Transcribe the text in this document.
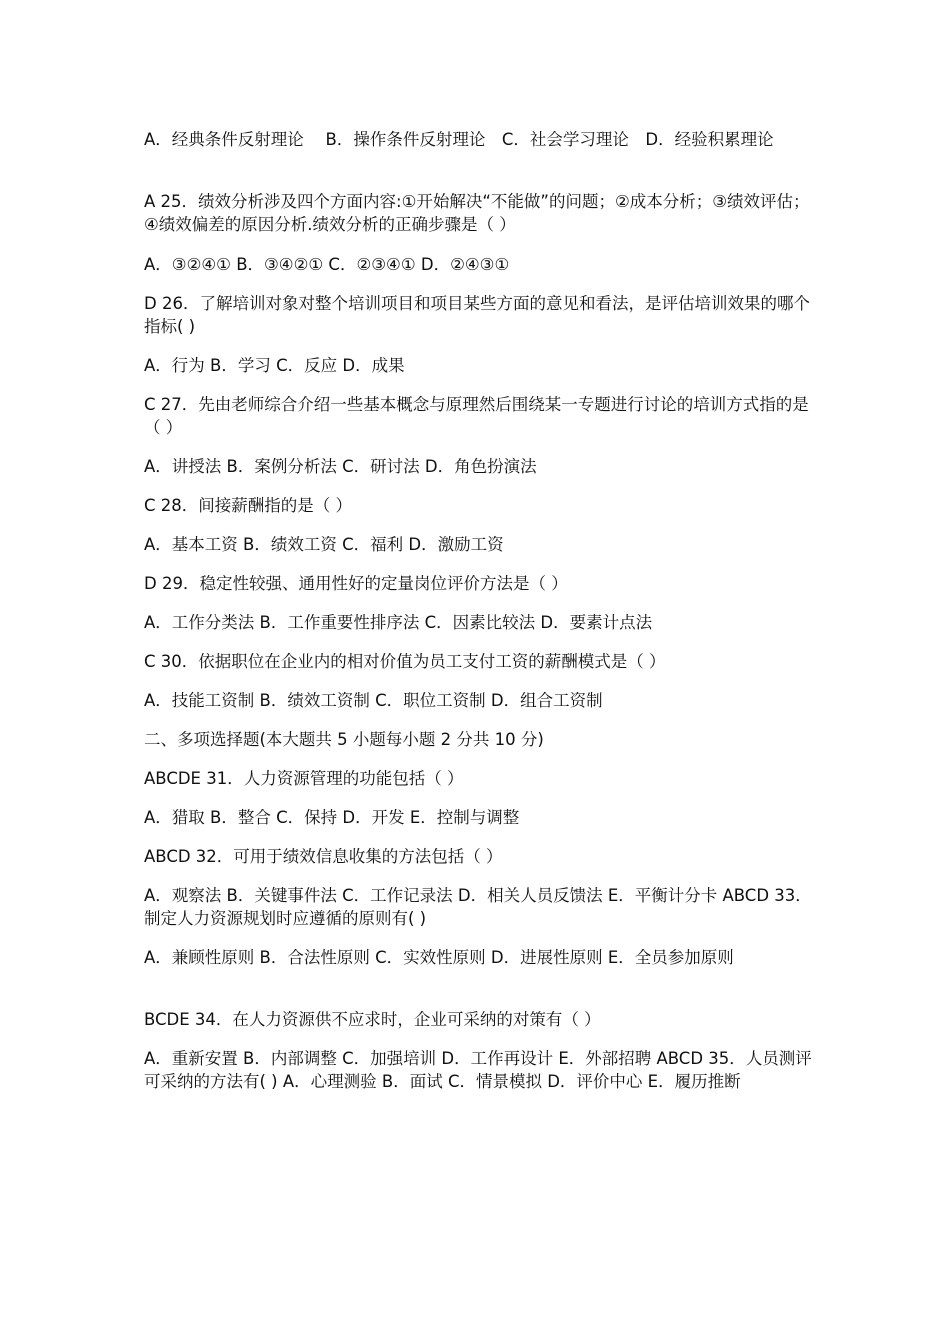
A．经典条件反射理论　 B．操作条件反射理论　C．社会学习理论　D．经验积累理论
A 25．绩效分析涉及四个方面内容:①开始解决“不能做”的问题；②成本分析；③绩效评估；④绩效偏差的原因分析.绩效分析的正确步骤是（ ）
A．③②④① B．③④②① C．②③④① D．②④③①
D 26．了解培训对象对整个培训项目和项目某些方面的意见和看法，是评估培训效果的哪个指标( )
A．行为 B．学习 C．反应 D．成果
C 27．先由老师综合介绍一些基本概念与原理然后围绕某一专题进行讨论的培训方式指的是（ ）
A．讲授法 B．案例分析法 C．研讨法 D．角色扮演法
C 28．间接薪酬指的是（ ）
A．基本工资 B．绩效工资 C．福利 D．激励工资
D 29．稳定性较强、通用性好的定量岗位评价方法是（ ）
A．工作分类法 B．工作重要性排序法 C．因素比较法 D．要素计点法
C 30．依据职位在企业内的相对价值为员工支付工资的薪酬模式是（ ）
A．技能工资制 B．绩效工资制 C．职位工资制 D．组合工资制
二、多项选择题(本大题共 5 小题每小题 2 分共 10 分)
ABCDE 31．人力资源管理的功能包括（ ）
A．猎取 B．整合 C．保持 D．开发 E．控制与调整
ABCD 32．可用于绩效信息收集的方法包括（ ）
A．观察法 B．关键事件法 C．工作记录法 D．相关人员反馈法 E．平衡计分卡 ABCD 33．制定人力资源规划时应遵循的原则有( )
A．兼顾性原则 B．合法性原则 C．实效性原则 D．进展性原则 E．全员参加原则
BCDE 34．在人力资源供不应求时，企业可采纳的对策有（ ）
A．重新安置 B．内部调整 C．加强培训 D．工作再设计 E．外部招聘 ABCD 35．人员测评可采纳的方法有( ) A．心理测验 B．面试 C．情景模拟 D．评价中心 E．履历推断
